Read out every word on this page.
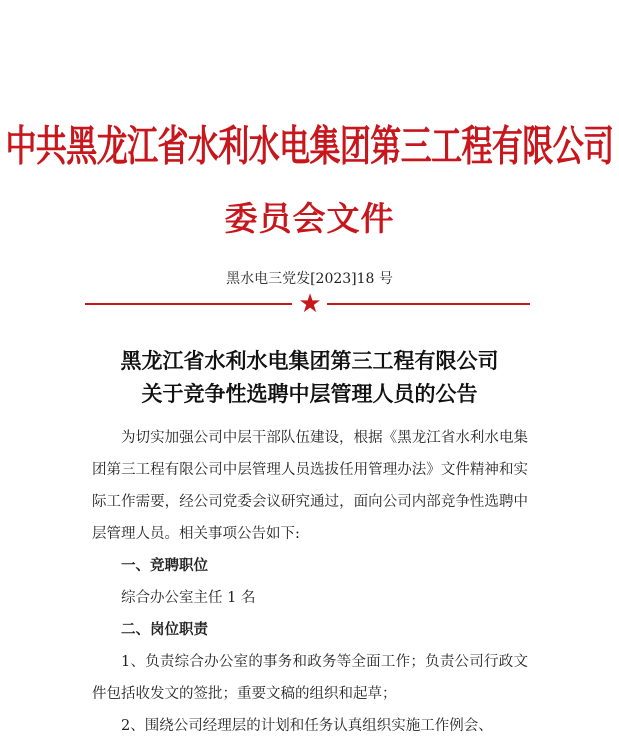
中共黑龙江省水利水电集团第三工程有限公司
委员会文件
黑水电三党发[2023]18 号
★
黑龙江省水利水电集团第三工程有限公司
关于竞争性选聘中层管理人员的公告

为切实加强公司中层干部队伍建设，根据《黑龙江省水利水电集团第三工程有限公司中层管理人员选拔任用管理办法》文件精神和实际工作需要，经公司党委会议研究通过，面向公司内部竞争性选聘中层管理人员。相关事项公告如下:

一、竞聘职位

综合办公室主任 1 名

二、岗位职责

1、负责综合办公室的事务和政务等全面工作；负责公司行政文件包括收发文的签批；重要文稿的组织和起草；

2、围绕公司经理层的计划和任务认真组织实施工作例会、
